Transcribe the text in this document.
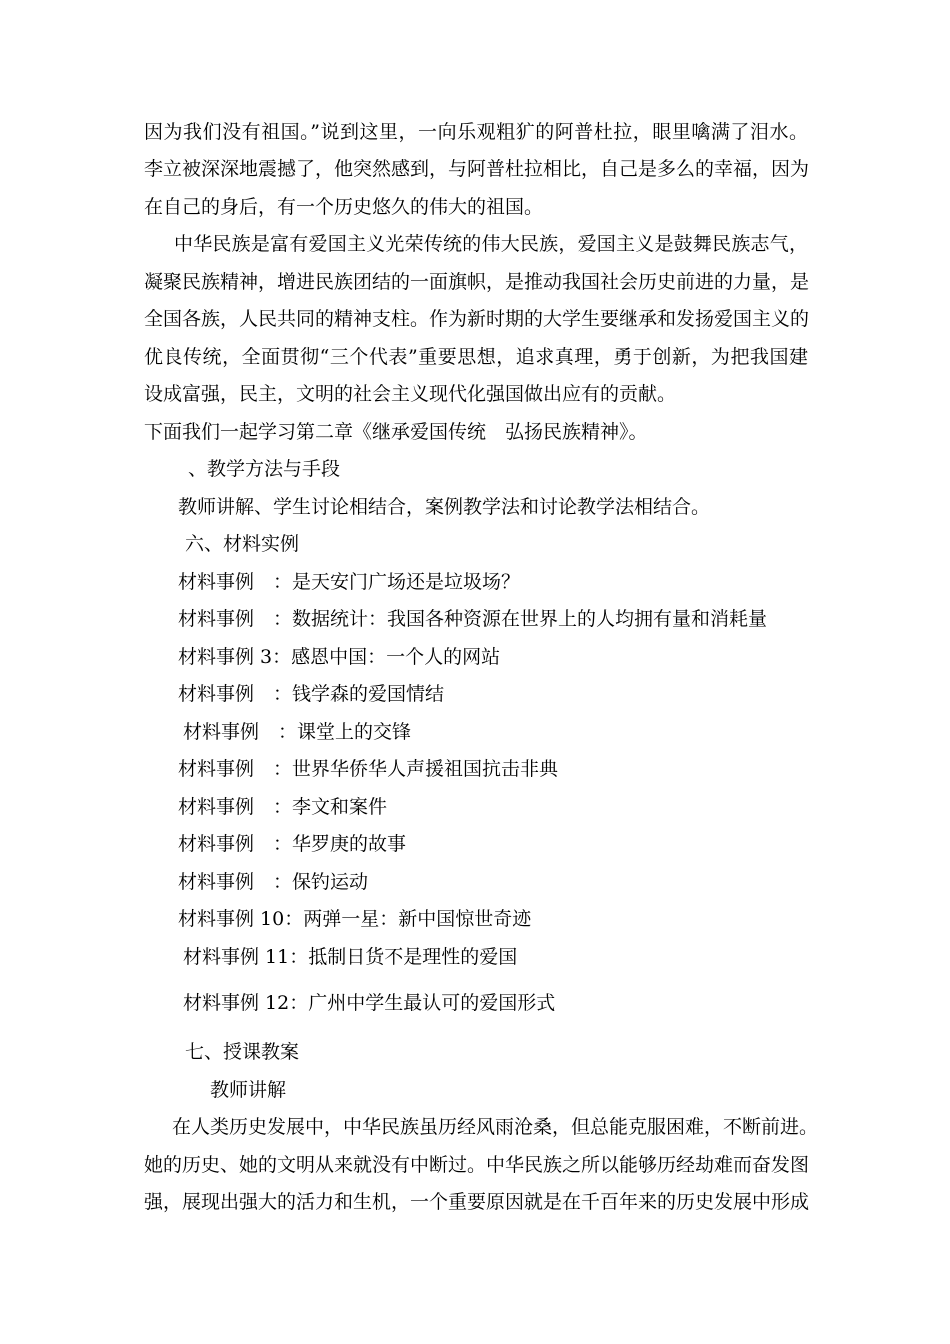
因为我们没有祖国。”说到这里，一向乐观粗犷的阿普杜拉，眼里噙满了泪水。
李立被深深地震撼了，他突然感到，与阿普杜拉相比，自己是多么的幸福，因为
在自己的身后，有一个历史悠久的伟大的祖国。
中华民族是富有爱国主义光荣传统的伟大民族，爱国主义是鼓舞民族志气，
凝聚民族精神，增进民族团结的一面旗帜，是推动我国社会历史前进的力量，是
全国各族，人民共同的精神支柱。作为新时期的大学生要继承和发扬爱国主义的
优良传统，全面贯彻“三个代表”重要思想，追求真理，勇于创新，为把我国建
设成富强，民主，文明的社会主义现代化强国做出应有的贡献。
下面我们一起学习第二章《继承爱国传统　弘扬民族精神》。
、教学方法与手段
教师讲解、学生讨论相结合，案例教学法和讨论教学法相结合。
六、材料实例
材料事例　：是天安门广场还是垃圾场？
材料事例　：数据统计：我国各种资源在世界上的人均拥有量和消耗量
材料事例 3：感恩中国：一个人的网站
材料事例　：钱学森的爱国情结
材料事例　：课堂上的交锋
材料事例　：世界华侨华人声援祖国抗击非典
材料事例　：李文和案件
材料事例　：华罗庚的故事
材料事例　：保钓运动
材料事例 10：两弹一星：新中国惊世奇迹
材料事例 11：抵制日货不是理性的爱国
材料事例 12：广州中学生最认可的爱国形式
七、授课教案
教师讲解
在人类历史发展中，中华民族虽历经风雨沧桑，但总能克服困难，不断前进。
她的历史、她的文明从来就没有中断过。中华民族之所以能够历经劫难而奋发图
强，展现出强大的活力和生机，一个重要原因就是在千百年来的历史发展中形成
